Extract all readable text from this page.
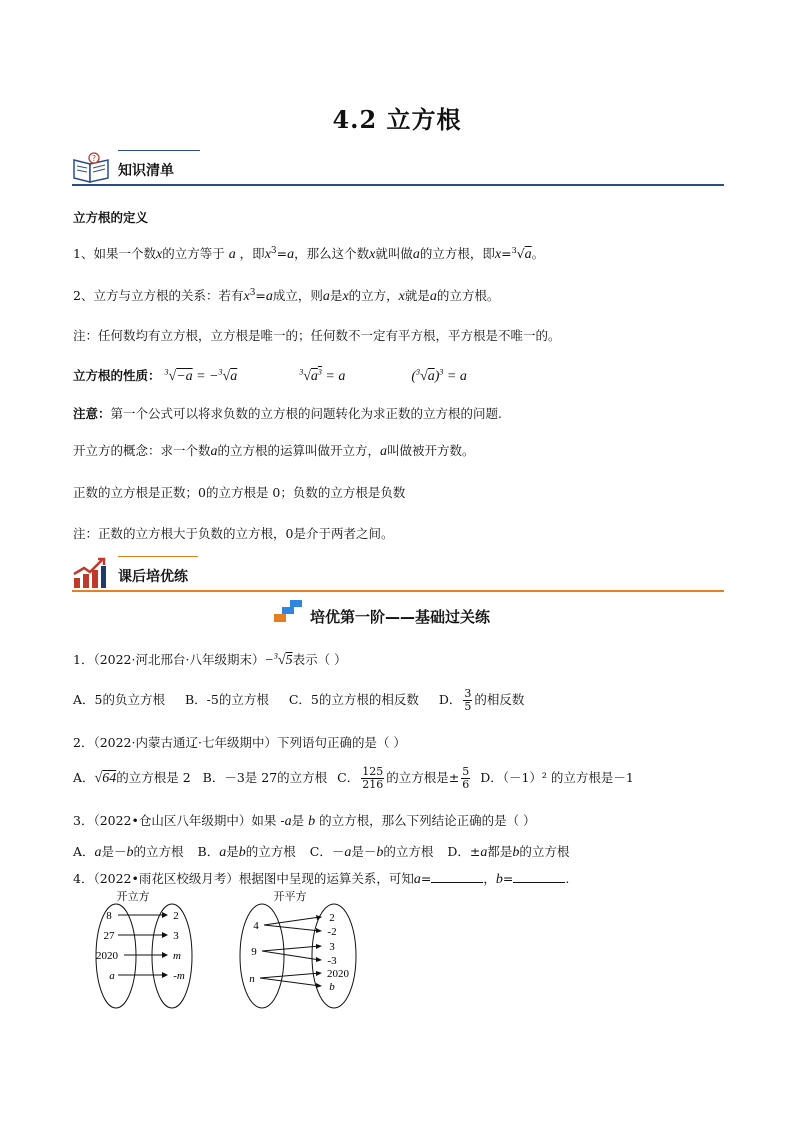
4.2 立方根
?
知识清单
立方根的定义
1、如果一个数x的立方等于 a ，即$x^3=a$，那么这个数x就叫做a的立方根，即x=$^3$√a。
2、立方与立方根的关系：若有$x^3=a$成立，则a是x的立方，x就是a的立方根。
注：任何数均有立方根，立方根是唯一的；任何数不一定有平方根，平方根是不唯一的。
立方根的性质： $^3$√−a = −$^3$√a	$^3√a^3 = a$	$(^3√a)^3 = a$
注意：第一个公式可以将求负数的立方根的问题转化为求正数的立方根的问题.
开立方的概念：求一个数a的立方根的运算叫做开立方，a叫做被开方数。
正数的立方根是正数；0的立方根是 0；负数的立方根是负数
注：正数的立方根大于负数的立方根，0是介于两者之间。
课后培优练
培优第一阶——基础过关练
1．（2022·河北邢台·八年级期末）−$^3$√5表示（ ）
A．5的负立方根 B．-5的立方根 C．5的立方根的相反数 D． $\frac{3}{5}$ 的相反数
2．（2022·内蒙古通辽·七年级期中）下列语句正确的是（ ）
A．√64的立方根是 2 B．－3是 27的立方根 C． $\frac{125}{216}$ 的立方根是± $\frac{5}{6}$ D．（－1）² 的立方根是－1
3．（2022•仓山区八年级期中）如果 -a是 b 的立方根，那么下列结论正确的是（ ）
A．a是－b的立方根 B．a是b的立方根 C．－a是－b的立方根 D．±a都是b的立方根
4．（2022•雨花区校级月考）根据图中呈现的运算关系，可知a=	，b=	.
开立方
8
27
2020
a
2
3
m
-m
开平方
4
9
n
2
-2
3
-3
2020
b
